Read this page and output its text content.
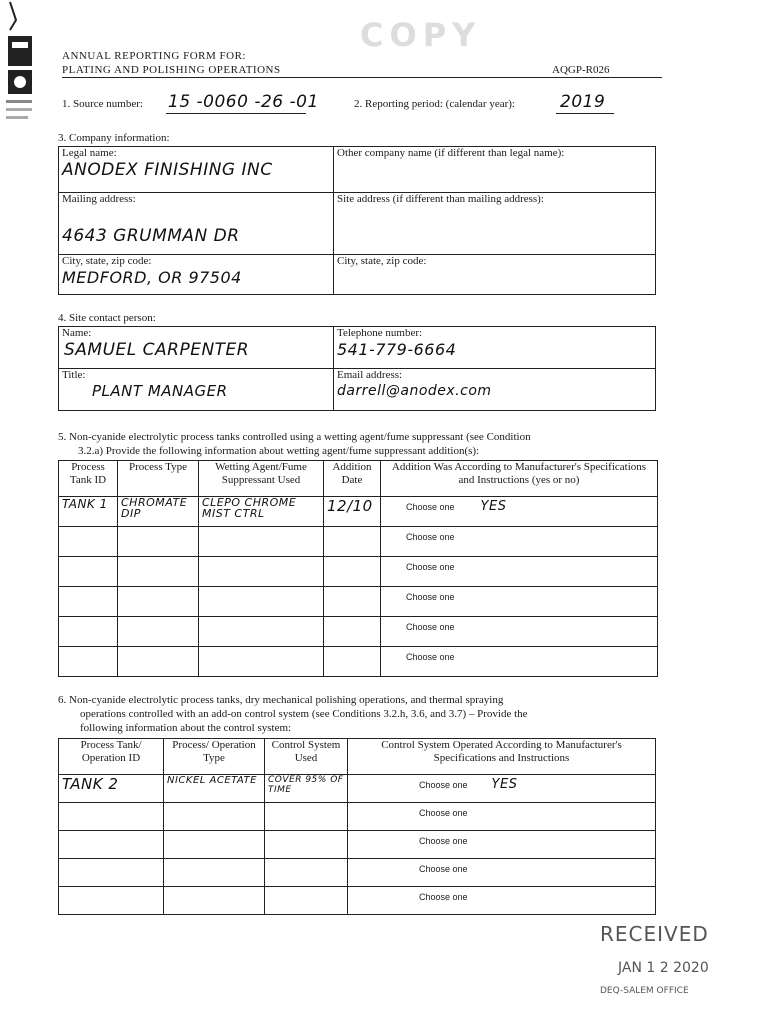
COPY
ANNUAL REPORTING FORM FOR:
PLATING AND POLISHING OPERATIONS	AQGP-R026
1. Source number: 15 -0060 -26 -01	2. Reporting period: (calendar year):	2019
3. Company information:
Legal name:
ANODEX FINISHING INC	Other company name (if different than legal name):

Mailing address:
4643 GRUMMAN DR	Site address (if different than mailing address):

City, state, zip code:
MEDFORD, OR 97504	City, state, zip code:
4. Site contact person:
Name:
SAMUEL CARPENTER	Telephone number:
541-779-6664

Title:
PLANT MANAGER	Email address:
darrell@anodex.com
5. Non-cyanide electrolytic process tanks controlled using a wetting agent/fume suppressant (see Condition
3.2.a) Provide the following information about wetting agent/fume suppressant addition(s):
Process Tank ID	Process Type	Wetting Agent/Fume Suppressant Used	Addition Date	Addition Was According to Manufacturer's Specifications and Instructions (yes or no)
TANK 1	CHROMATE DIP	CLEPO CHROME MIST CTRL	12/10	Choose one YES
				Choose one
				Choose one
				Choose one
				Choose one
				Choose one
6. Non-cyanide electrolytic process tanks, dry mechanical polishing operations, and thermal spraying
operations controlled with an add-on control system (see Conditions 3.2.h, 3.6, and 3.7) – Provide the
following information about the control system:
Process Tank/ Operation ID	Process/ Operation Type	Control System Used	Control System Operated According to Manufacturer's Specifications and Instructions
TANK 2	NICKEL ACETATE	COVER 95% OF TIME	Choose one YES
			Choose one
			Choose one
			Choose one
			Choose one
RECEIVED
JAN 1 2 2020
DEQ-SALEM OFFICE
